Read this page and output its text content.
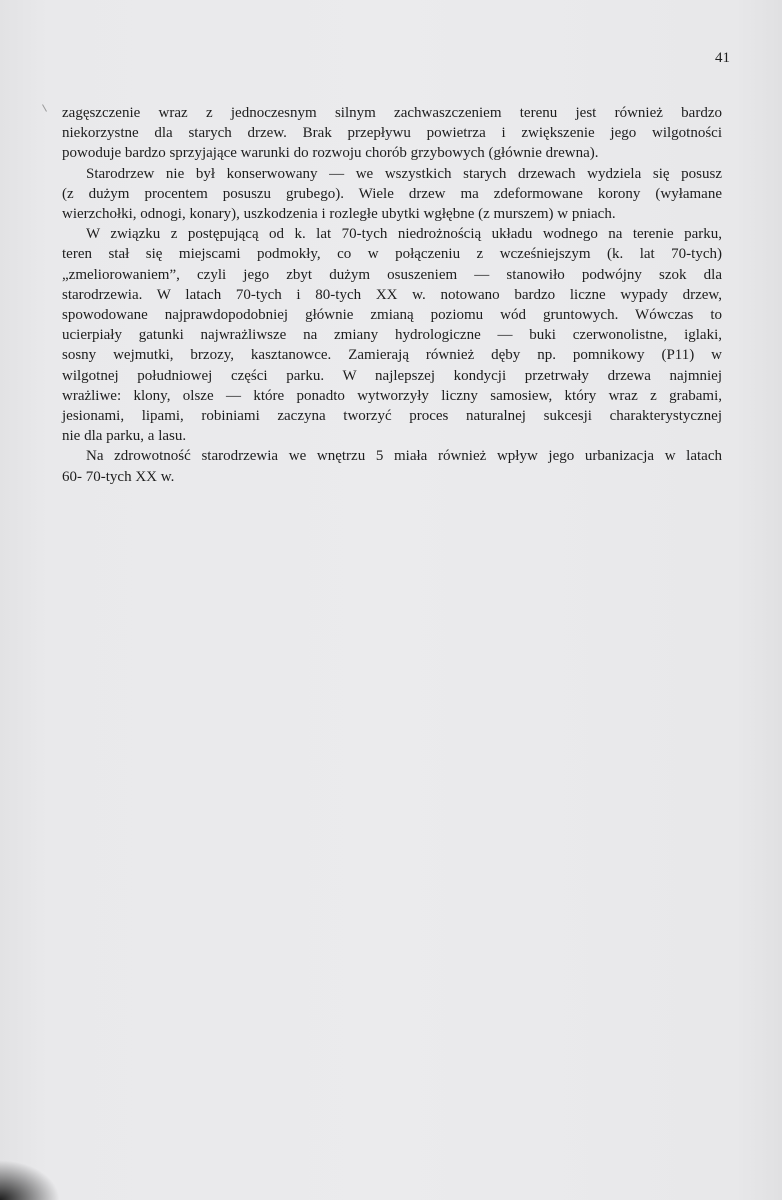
41

zagęszczenie wraz z jednoczesnym silnym zachwaszczeniem terenu jest również bardzo
niekorzystne dla starych drzew. Brak przepływu powietrza i zwiększenie jego wilgotności
powoduje bardzo sprzyjające warunki do rozwoju chorób grzybowych (głównie drewna).

Starodrzew nie był konserwowany — we wszystkich starych drzewach wydziela się posusz
(z dużym procentem posuszu grubego). Wiele drzew ma zdeformowane korony (wyłamane
wierzchołki, odnogi, konary), uszkodzenia i rozległe ubytki wgłębne (z murszem) w pniach.

W związku z postępującą od k. lat 70-tych niedrożnością układu wodnego na terenie parku,
teren stał się miejscami podmokły, co w połączeniu z wcześniejszym (k. lat 70-tych)
„zmeliorowaniem”, czyli jego zbyt dużym osuszeniem — stanowiło podwójny szok dla
starodrzewia. W latach 70-tych i 80-tych XX w. notowano bardzo liczne wypady drzew,
spowodowane najprawdopodobniej głównie zmianą poziomu wód gruntowych. Wówczas to
ucierpiały gatunki najwrażliwsze na zmiany hydrologiczne — buki czerwonolistne, iglaki,
sosny wejmutki, brzozy, kasztanowce. Zamierają również dęby np. pomnikowy (P11) w
wilgotnej południowej części parku. W najlepszej kondycji przetrwały drzewa najmniej
wrażliwe: klony, olsze — które ponadto wytworzyły liczny samosiew, który wraz z grabami,
jesionami, lipami, robiniami zaczyna tworzyć proces naturalnej sukcesji charakterystycznej
nie dla parku, a lasu.

Na zdrowotność starodrzewia we wnętrzu 5 miała również wpływ jego urbanizacja w latach
60- 70-tych XX w.
